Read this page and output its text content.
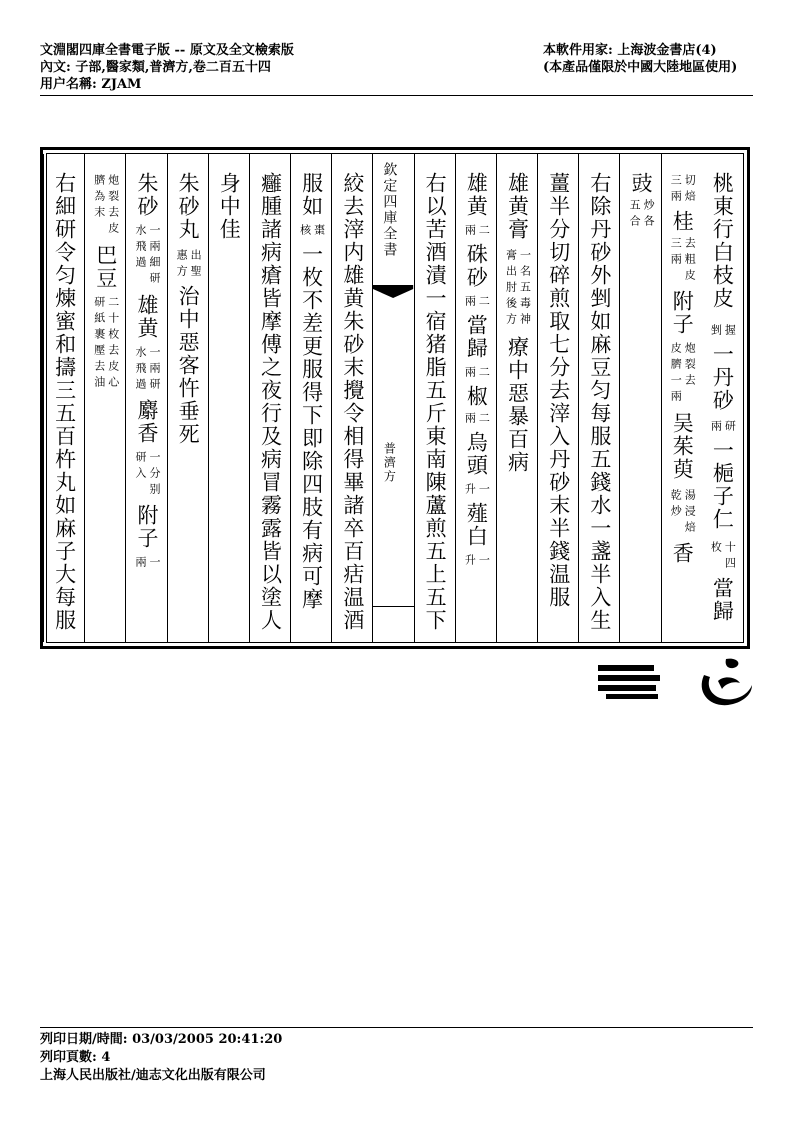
文淵閣四庫全書電子版 -- 原文及全文檢索版
內文: 子部,醫家類,普濟方,卷二百五十四
用户名稱: ZJAM
本軟件用家: 上海波金書店(4)
(本產品僅限於中國大陸地區使用)
桃東行白枝皮
握
剉
一丹砂
研
兩
一梔子仁
十四
枚
當歸
切焙
三兩
桂
去粗皮
三兩
附子
炮裂去
皮臍一兩
吴茱萸
湯浸焙
乾炒
香
豉
炒各
五合
右除丹砂外剉如麻豆匀每服五錢水一盞半入生
薑半分切碎煎取七分去滓入丹砂末半錢温服
雄黄膏
一名五毒神
膏出肘後方
療中惡暴百病
雄黄
二
兩
硃砂
二
兩
當歸
二
兩
椒
二
兩
烏頭
一
升
薤白
一
升
右以苦酒漬一宿猪脂五斤東南陳蘆煎五上五下
欽定四庫全書
普濟方
絞去滓内雄黄朱砂末攪令相得畢諸卒百㽽温酒
服如
棗
核
一枚不差更服得下即除四肢有病可摩
癰腫諸病瘡皆摩傅之夜行及病冒霧露皆以塗人
身中佳
朱砂丸
出聖
惠方
治中惡客忤垂死
朱砂
一兩細研
水飛過
雄黄
一兩研
水飛過
麝香
一分别
研入
附子
一
兩
炮裂去皮
臍為末
巴豆
二十枚去皮心
研紙裹壓去油
右細研令匀煉蜜和擣三五百杵丸如麻子大每服
列印日期/時間: 03/03/2005 20:41:20
列印頁數: 4
上海人民出版社/迪志文化出版有限公司
